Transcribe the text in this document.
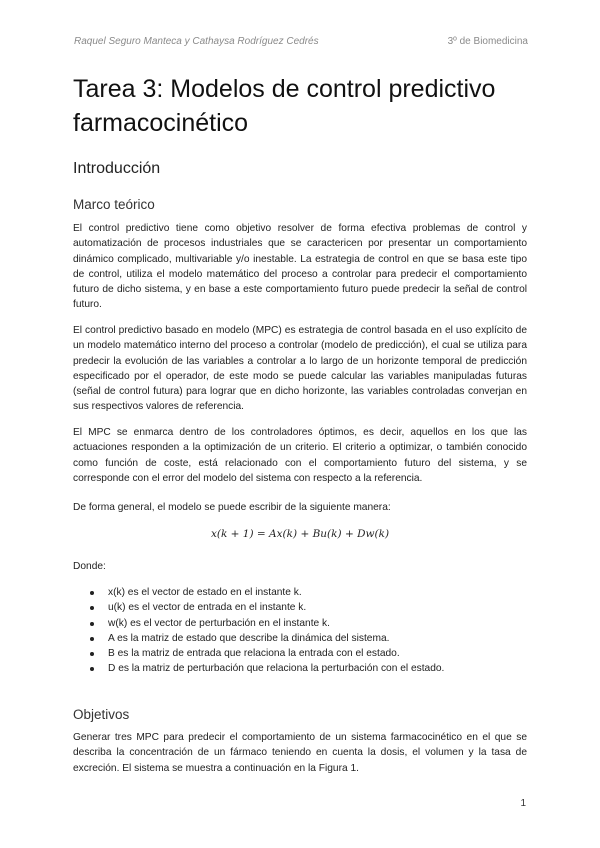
Raquel Seguro Manteca y Cathaysa Rodríguez Cedrés	3º de Biomedicina
Tarea 3: Modelos de control predictivo farmacocinético
Introducción
Marco teórico

El control predictivo tiene como objetivo resolver de forma efectiva problemas de control y automatización de procesos industriales que se caractericen por presentar un comportamiento dinámico complicado, multivariable y/o inestable. La estrategia de control en que se basa este tipo de control, utiliza el modelo matemático del proceso a controlar para predecir el comportamiento futuro de dicho sistema, y en base a este comportamiento futuro puede predecir la señal de control futuro.

El control predictivo basado en modelo (MPC) es estrategia de control basada en el uso explícito de un modelo matemático interno del proceso a controlar (modelo de predicción), el cual se utiliza para predecir la evolución de las variables a controlar a lo largo de un horizonte temporal de predicción especificado por el operador, de este modo se puede calcular las variables manipuladas futuras (señal de control futura) para lograr que en dicho horizonte, las variables controladas converjan en sus respectivos valores de referencia.

El MPC se enmarca dentro de los controladores óptimos, es decir, aquellos en los que las actuaciones responden a la optimización de un criterio. El criterio a optimizar, o también conocido como función de coste, está relacionado con el comportamiento futuro del sistema, y se corresponde con el error del modelo del sistema con respecto a la referencia.

De forma general, el modelo se puede escribir de la siguiente manera:

x(k + 1) = Ax(k) + Bu(k) + Dw(k)

Donde:

x(k) es el vector de estado en el instante k.
u(k) es el vector de entrada en el instante k.
w(k) es el vector de perturbación en el instante k.
A es la matriz de estado que describe la dinámica del sistema.
B es la matriz de entrada que relaciona la entrada con el estado.
D es la matriz de perturbación que relaciona la perturbación con el estado.
Objetivos

Generar tres MPC para predecir el comportamiento de un sistema farmacocinético en el que se describa la concentración de un fármaco teniendo en cuenta la dosis, el volumen y la tasa de excreción. El sistema se muestra a continuación en la Figura 1.

1
